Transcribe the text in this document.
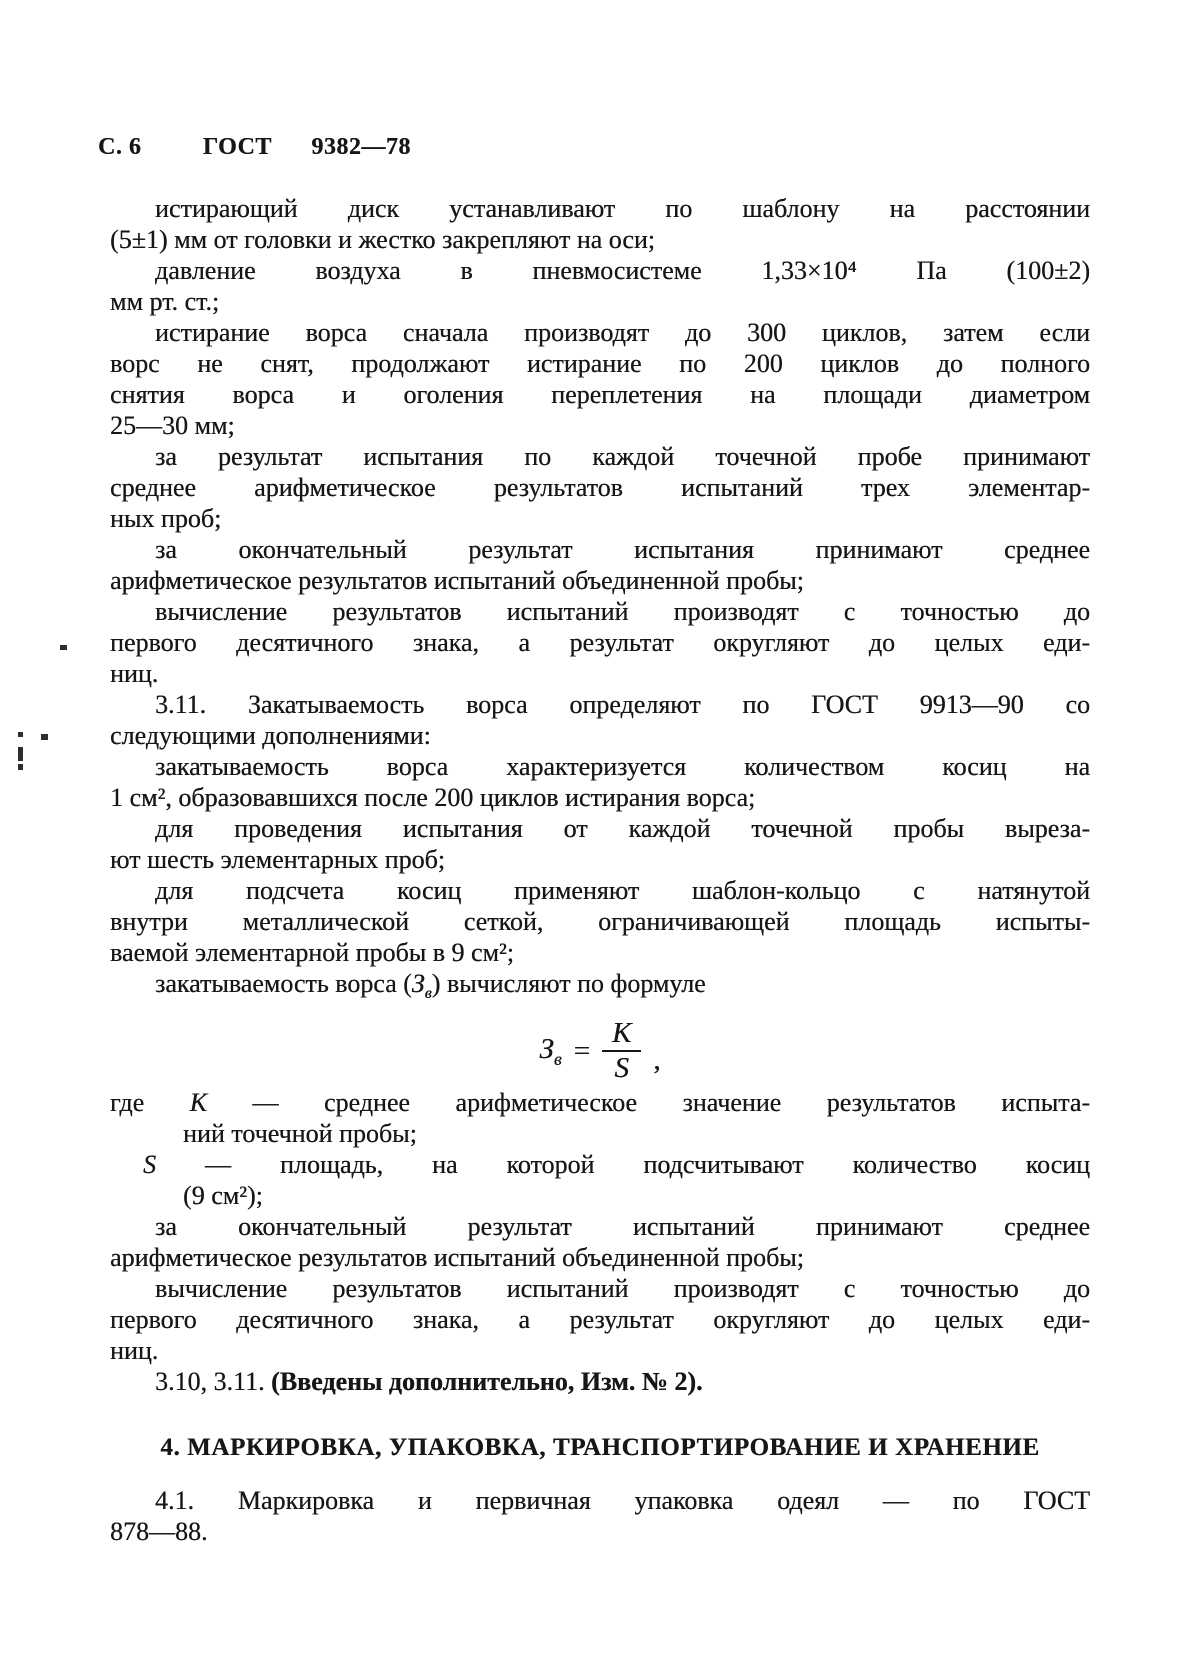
С. 6	ГОСТ 9382—78
истирающий диск устанавливают по шаблону на расстоянии
(5±1) мм от головки и жестко закрепляют на оси;
давление воздуха в пневмосистеме 1,33×10⁴ Па (100±2)
мм рт. ст.;
истирание ворса сначала производят до 300 циклов, затем если
ворс не снят, продолжают истирание по 200 циклов до полного
снятия ворса и оголения переплетения на площади диаметром
25—30 мм;
за результат испытания по каждой точечной пробе принимают
среднее арифметическое результатов испытаний трех элементар-
ных проб;
за окончательный результат испытания принимают среднее
арифметическое результатов испытаний объединенной пробы;
вычисление результатов испытаний производят с точностью до
первого десятичного знака, а результат округляют до целых еди-
ниц.
3.11. Закатываемость ворса определяют по ГОСТ 9913—90 со
следующими дополнениями:
закатываемость ворса характеризуется количеством косиц на
1 см², образовавшихся после 200 циклов истирания ворса;
для проведения испытания от каждой точечной пробы выреза-
ют шесть элементарных проб;
для подсчета косиц применяют шаблон-кольцо с натянутой
внутри металлической сеткой, ограничивающей площадь испыты-
ваемой элементарной пробы в 9 см²;
закатываемость ворса $(З_в)$ вычисляют по формуле
$З_в = \frac{К}{S}$ ,
где К — среднее арифметическое значение результатов испыта-
ний точечной пробы;
S — площадь, на которой подсчитывают количество косиц
(9 см²);
за окончательный результат испытаний принимают среднее
арифметическое результатов испытаний объединенной пробы;
вычисление результатов испытаний производят с точностью до
первого десятичного знака, а результат округляют до целых еди-
ниц.
3.10, 3.11. (Введены дополнительно, Изм. № 2).
4. МАРКИРОВКА, УПАКОВКА, ТРАНСПОРТИРОВАНИЕ И ХРАНЕНИЕ
4.1. Маркировка и первичная упаковка одеял — по ГОСТ
878—88.
